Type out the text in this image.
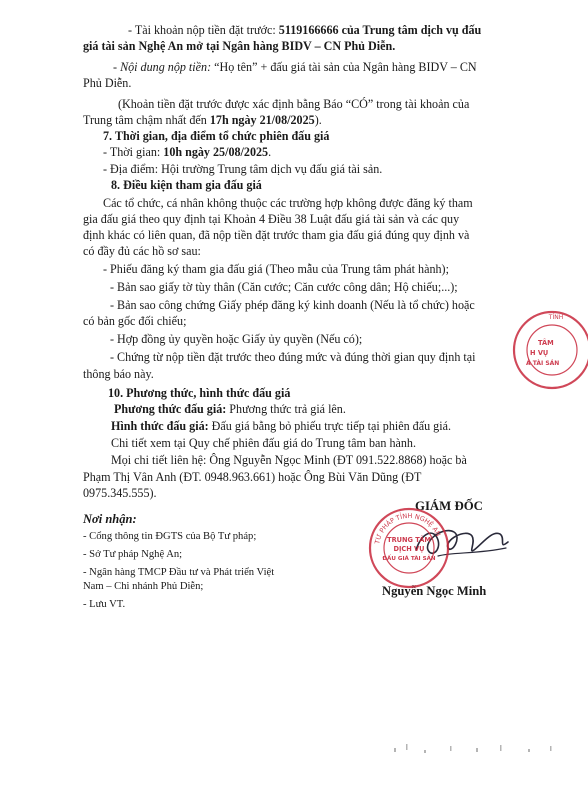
- Tài khoản nộp tiền đặt trước: 5119166666 của Trung tâm dịch vụ đấu
giá tài sản Nghệ An mở tại Ngân hàng BIDV – CN Phủ Diễn.
- Nội dung nộp tiền: “Họ tên” + đấu giá tài sản của Ngân hàng BIDV – CN
Phủ Diễn.
(Khoản tiền đặt trước được xác định bằng Báo “CÓ” trong tài khoản của
Trung tâm chậm nhất đến 17h ngày 21/08/2025).
7. Thời gian, địa điểm tổ chức phiên đấu giá
- Thời gian: 10h ngày 25/08/2025.
- Địa điểm: Hội trường Trung tâm dịch vụ đấu giá tài sản.
8. Điều kiện tham gia đấu giá
Các tổ chức, cá nhân không thuộc các trường hợp không được đăng ký tham
gia đấu giá theo quy định tại Khoản 4 Điều 38 Luật đấu giá tài sản và các quy
định khác có liên quan, đã nộp tiền đặt trước tham gia đấu giá đúng quy định và
có đầy đủ các hồ sơ sau:
- Phiếu đăng ký tham gia đấu giá (Theo mẫu của Trung tâm phát hành);
- Bản sao giấy tờ tùy thân (Căn cước; Căn cước công dân; Hộ chiếu;...);
- Bản sao công chứng Giấy phép đăng ký kinh doanh (Nếu là tổ chức) hoặc
có bản gốc đối chiếu;
- Hợp đồng ủy quyền hoặc Giấy ủy quyền (Nếu có);
- Chứng từ nộp tiền đặt trước theo đúng mức và đúng thời gian quy định tại
thông báo này.
10. Phương thức, hình thức đấu giá
Phương thức đấu giá: Phương thức trả giá lên.
Hình thức đấu giá: Đấu giá bằng bỏ phiếu trực tiếp tại phiên đấu giá.
Chi tiết xem tại Quy chế phiên đấu giá do Trung tâm ban hành.
Mọi chi tiết liên hệ: Ông Nguyễn Ngọc Minh (ĐT 091.522.8868) hoặc bà
Phạm Thị Vân Anh (ĐT. 0948.963.661) hoặc Ông Bùi Văn Dũng (ĐT
0975.345.555).
Nơi nhận:
- Cổng thông tin ĐGTS của Bộ Tư pháp;
- Sở Tư pháp Nghệ An;
- Ngân hàng TMCP Đầu tư và Phát triển Việt
Nam – Chi nhánh Phủ Diễn;
- Lưu VT.
GIÁM ĐỐC
Nguyễn Ngọc Minh
TƯ PHÁP TỈNH NGHỆ AN
TRUNG TÂM
DỊCH VỤ
ĐẤU GIÁ TÀI SẢN
TỈNH
TÂM
H VỤ
Á TÀI SẢN
